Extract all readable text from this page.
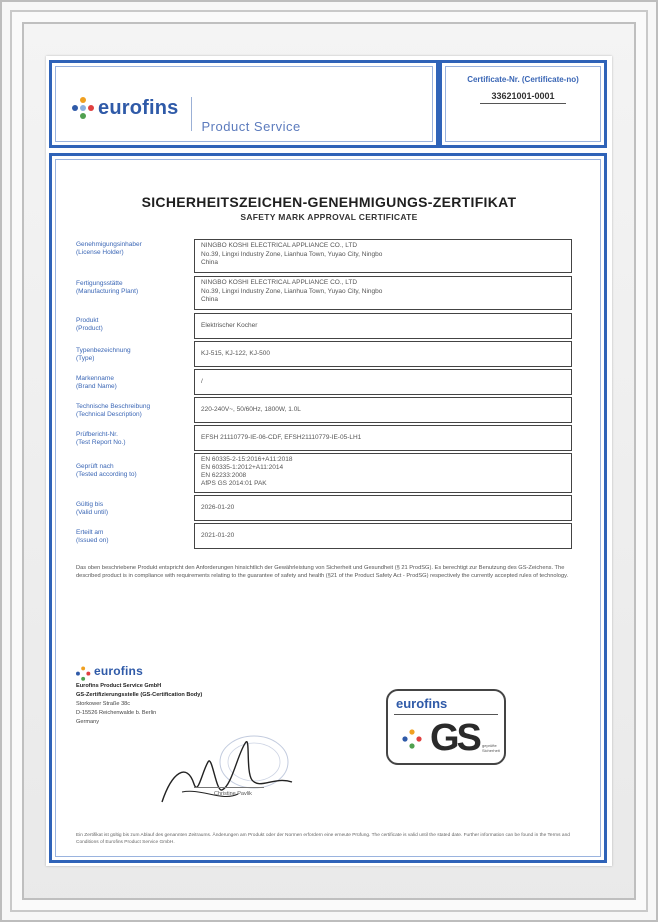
eurofins
Product Service
Certificate-Nr. (Certificate-no)
33621001-0001
SICHERHEITSZEICHEN-GENEHMIGUNGS-ZERTIFIKAT
SAFETY MARK APPROVAL CERTIFICATE
Genehmigungsinhaber
(License Holder)
NINGBO KOSHI ELECTRICAL APPLIANCE CO., LTD
No.39, Lingxi Industry Zone, Lianhua Town, Yuyao City, Ningbo
China
Fertigungsstätte
(Manufacturing Plant)
NINGBO KOSHI ELECTRICAL APPLIANCE CO., LTD
No.39, Lingxi Industry Zone, Lianhua Town, Yuyao City, Ningbo
China
Produkt
(Product)	Elektrischer Kocher
Typenbezeichnung
(Type)
KJ-515, KJ-122, KJ-500
Markenname
(Brand Name)
/
Technische Beschreibung
(Technical Description)
220-240V~, 50/60Hz, 1800W, 1.0L
Prüfbericht-Nr.
(Test Report No.)
EFSH 21110779-IE-06-CDF, EFSH21110779-IE-05-LH1
Geprüft nach
(Tested according to)
EN 60335-2-15:2016+A11:2018
EN 60335-1:2012+A11:2014
EN 62233:2008
AfPS GS 2014:01 PAK
Gültig bis
(Valid until)
2026-01-20
Erteilt am
(Issued on)
2021-01-20
Das oben beschriebene Produkt entspricht den Anforderungen hinsichtlich der Gewährleistung von Sicherheit und Gesundheit (§ 21 ProdSG). Es berechtigt zur Benutzung des GS-Zeichens. The described product is in compliance with requirements relating to the guarantee of safety and health (§21 of the Product Safety Act - ProdSG) respectively the currently accepted rules of technology.
eurofins
Eurofins Product Service GmbH
GS-Zertifizierungsstelle (GS-Certification Body)
Storkower Straße 38c
D-15526 Reichenwalde b. Berlin
Germany
Christine Pavlik
eurofins
GS geprüfte Sicherheit
Ein Zertifikat ist gültig bis zum Ablauf des genannten Zeitraums. Änderungen am Produkt oder der Normen erfordern eine erneute Prüfung. The certificate is valid until the stated date. Further information can be found in the Terms and Conditions of Eurofins Product Service GmbH.
